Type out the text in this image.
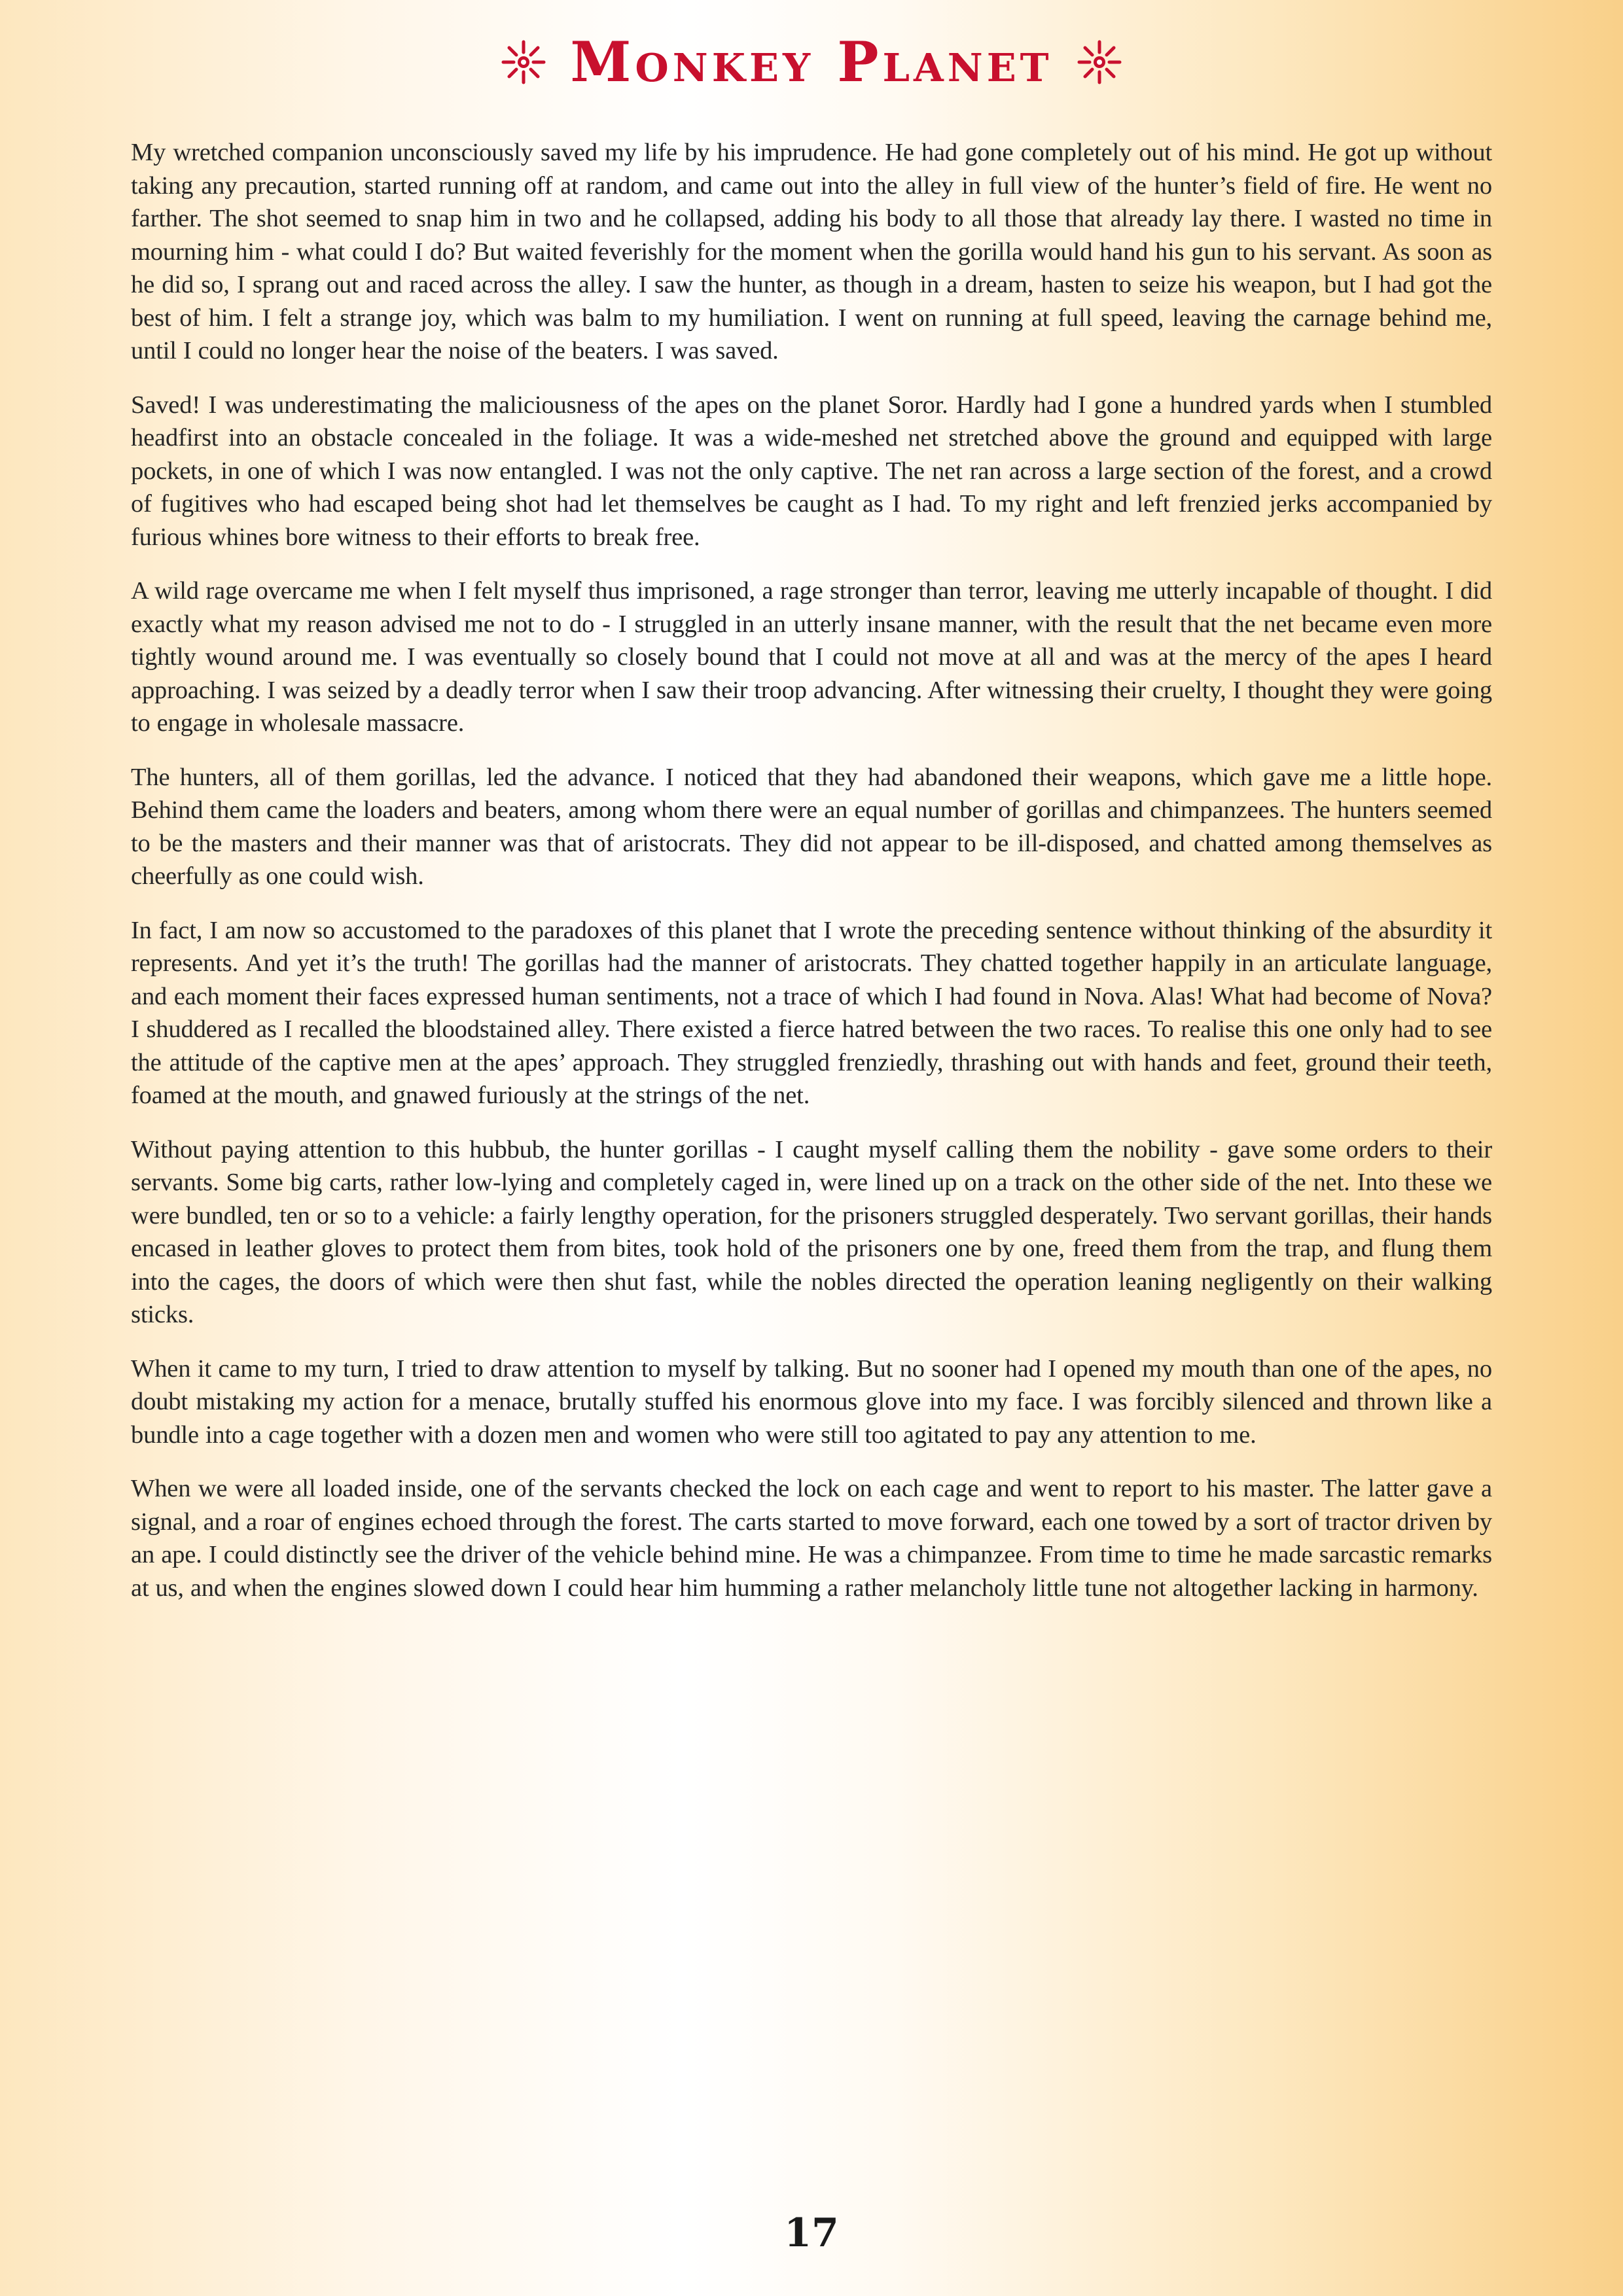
Monkey Planet

My wretched companion unconsciously saved my life by his imprudence. He had gone completely out of his mind. He got up without taking any precaution, started running off at random, and came out into the alley in full view of the hunter’s field of fire. He went no farther. The shot seemed to snap him in two and he collapsed, adding his body to all those that already lay there. I wasted no time in mourning him - what could I do? But waited feverishly for the moment when the gorilla would hand his gun to his servant. As soon as he did so, I sprang out and raced across the alley. I saw the hunter, as though in a dream, hasten to seize his weapon, but I had got the best of him. I felt a strange joy, which was balm to my humiliation. I went on running at full speed, leaving the carnage behind me, until I could no longer hear the noise of the beaters. I was saved.

Saved! I was underestimating the maliciousness of the apes on the planet Soror. Hardly had I gone a hundred yards when I stumbled headfirst into an obstacle concealed in the foliage. It was a wide-meshed net stretched above the ground and equipped with large pockets, in one of which I was now entangled. I was not the only captive. The net ran across a large section of the forest, and a crowd of fugitives who had escaped being shot had let themselves be caught as I had. To my right and left frenzied jerks accompanied by furious whines bore witness to their efforts to break free.

A wild rage overcame me when I felt myself thus imprisoned, a rage stronger than terror, leaving me utterly incapable of thought. I did exactly what my reason advised me not to do - I struggled in an utterly insane manner, with the result that the net became even more tightly wound around me. I was eventually so closely bound that I could not move at all and was at the mercy of the apes I heard approaching. I was seized by a deadly terror when I saw their troop advancing. After witnessing their cruelty, I thought they were going to engage in wholesale massacre.

The hunters, all of them gorillas, led the advance. I noticed that they had abandoned their weapons, which gave me a little hope. Behind them came the loaders and beaters, among whom there were an equal number of gorillas and chimpanzees. The hunters seemed to be the masters and their manner was that of aristocrats. They did not appear to be ill-disposed, and chatted among themselves as cheerfully as one could wish.

In fact, I am now so accustomed to the paradoxes of this planet that I wrote the preceding sentence without thinking of the absurdity it represents. And yet it’s the truth! The gorillas had the manner of aristocrats. They chatted together happily in an articulate language, and each moment their faces expressed human sentiments, not a trace of which I had found in Nova. Alas! What had become of Nova? I shuddered as I recalled the bloodstained alley. There existed a fierce hatred between the two races. To realise this one only had to see the attitude of the captive men at the apes’ approach. They struggled frenziedly, thrashing out with hands and feet, ground their teeth, foamed at the mouth, and gnawed furiously at the strings of the net.

Without paying attention to this hubbub, the hunter gorillas - I caught myself calling them the nobility - gave some orders to their servants. Some big carts, rather low-lying and completely caged in, were lined up on a track on the other side of the net. Into these we were bundled, ten or so to a vehicle: a fairly lengthy operation, for the prisoners struggled desperately. Two servant gorillas, their hands encased in leather gloves to protect them from bites, took hold of the prisoners one by one, freed them from the trap, and flung them into the cages, the doors of which were then shut fast, while the nobles directed the operation leaning negligently on their walking sticks.

When it came to my turn, I tried to draw attention to myself by talking. But no sooner had I opened my mouth than one of the apes, no doubt mistaking my action for a menace, brutally stuffed his enormous glove into my face. I was forcibly silenced and thrown like a bundle into a cage together with a dozen men and women who were still too agitated to pay any attention to me.

When we were all loaded inside, one of the servants checked the lock on each cage and went to report to his master. The latter gave a signal, and a roar of engines echoed through the forest. The carts started to move forward, each one towed by a sort of tractor driven by an ape. I could distinctly see the driver of the vehicle behind mine. He was a chimpanzee. From time to time he made sarcastic remarks at us, and when the engines slowed down I could hear him humming a rather melancholy little tune not altogether lacking in harmony.

17
